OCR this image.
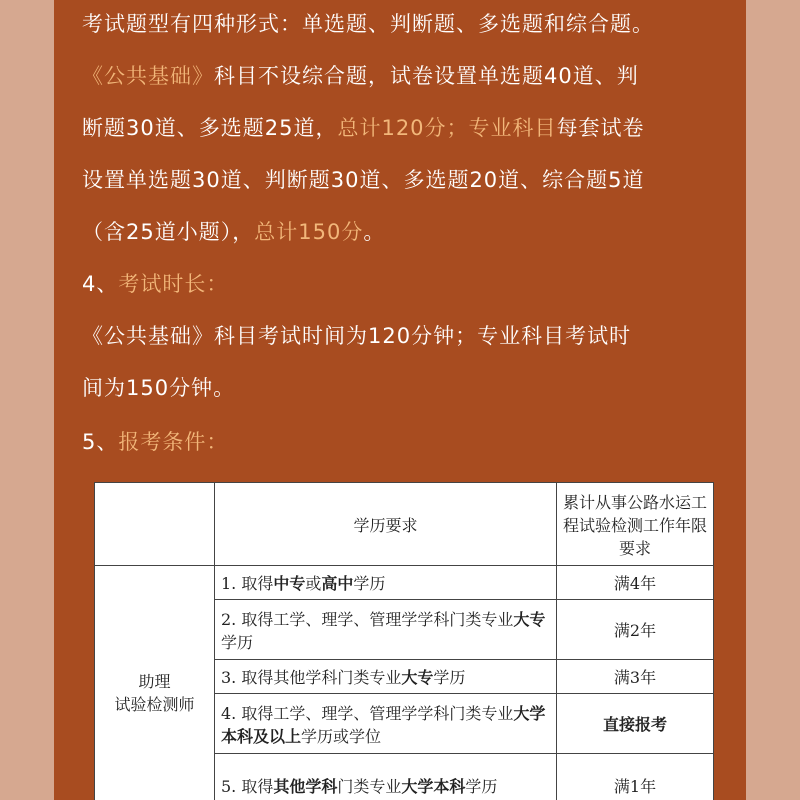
考试题型有四种形式：单选题、判断题、多选题和综合题。
《公共基础》科目不设综合题，试卷设置单选题40道、判
断题30道、多选题25道，总计120分；专业科目每套试卷
设置单选题30道、判断题30道、多选题20道、综合题5道
（含25道小题），总计150分。
4、考试时长：
《公共基础》科目考试时间为120分钟；专业科目考试时
间为150分钟。
5、报考条件：
	学历要求	累计从事公路水运工程试验检测工作年限要求

助理
试验检测师	1. 取得中专或高中学历	满4年
	2. 取得工学、理学、管理学学科门类专业大专学历	满2年
	3. 取得其他学科门类专业大专学历	满3年
	4. 取得工学、理学、管理学学科门类专业大学本科及以上学历或学位	直接报考
	5. 取得其他学科门类专业大学本科学历	满1年
